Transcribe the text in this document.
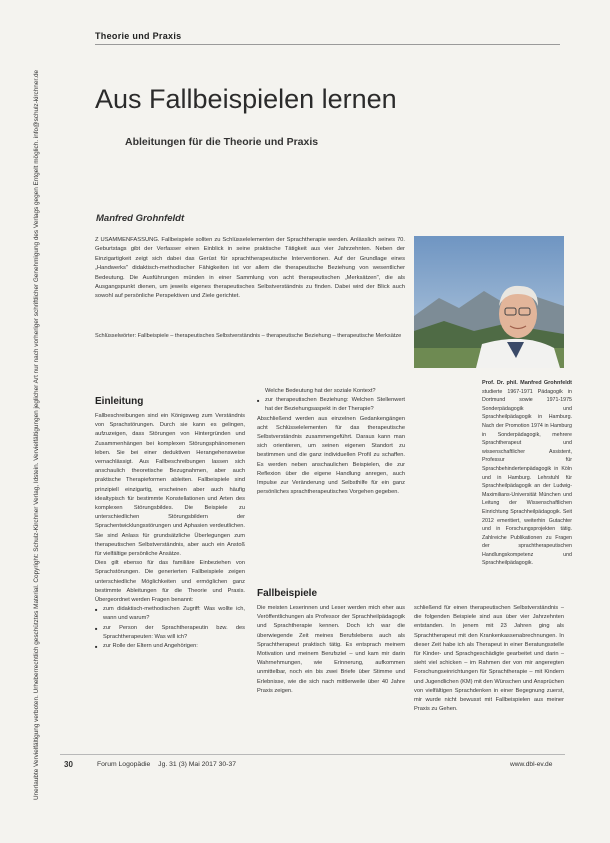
Theorie und Praxis
Unerlaubte Vervielfältigung verboten. Urheberrechtlich geschütztes Material. Copyright: Schulz-Kirchner Verlag, Idstein. Vervielfältigungen jeglicher Art nur nach vorheriger schriftlicher Genehmigung des Verlags gegen Entgelt möglich. info@schulz-kirchner.de Aus Fallbeispielen lernen
Ableitungen für die Theorie und Praxis
Manfred Grohnfeldt
Z USAMMENFASSUNG. Fallbeispiele sollten zu Schlüsselelementen der Sprachtherapie werden. Anlässlich seines 70. Geburtstags gibt der Verfasser einen Einblick in seine praktische Tätigkeit aus vier Jahrzehnten. Neben der Einzigartigkeit zeigt sich dabei das Gerüst für sprachtherapeutische Interventionen. Auf der Grundlage eines „Handwerks" didaktisch-methodischer Fähigkeiten ist vor allem die therapeutische Beziehung von wesentlicher Bedeutung. Die Ausführungen münden in einer Sammlung von acht therapeutischen „Merksätzen", die als Ausgangspunkt dienen, um jeweils eigenes therapeutisches Selbstverständnis zu finden. Dabei wird der Blick auch sowohl auf persönliche Perspektiven und Ziele gerichtet.
Schlüsselwörter: Fallbeispiele – therapeutisches Selbstverständnis – therapeutische Beziehung – therapeutische Merksätze
Prof. Dr. phil. Manfred Grohnfeldt studierte 1967-1971 Pädagogik in Dortmund sowie 1971-1975 Sonderpädagogik und Sprachheilpädagogik in Hamburg. Nach der Promotion 1974 in Hamburg in Sonderpädagogik, mehrere Sprachtherapeut und wissenschaftlicher Assistent, Professur für Sprachbehindertenpädagogik in Köln und in Hamburg. Lehrstuhl für Sprachheilpädagogik an der Ludwig-Maximilians-Universität München und Leitung der Wissenschaftlichen Einrichtung Sprachheilpädagogik. Seit 2012 emeritiert, weiterhin Gutachter und in Forschungsprojekten tätig. Zahlreiche Publikationen zu Fragen der sprachtherapeutischen Handlungskompetenz und Sprachheilpädagogik.
Einleitung

Fallbeschreibungen sind ein Königsweg zum Verständnis von Sprachstörungen. Durch sie kann es gelingen, aufzuzeigen, dass Störungen von Hintergründen und Zusammenhängen bei komplexen Störungsphänomenen leben. Sie bei einer deduktiven Herangehensweise vernachlässigt. Aus Fallbeschreibungen lassen sich anschaulich theoretische Bezugnahmen, aber auch praktische Therapieformen ableiten. Fallbeispiele sind prinzipiell einzigartig, erscheinen aber auch häufig idealtypisch für bestimmte Konstellationen und Arten des komplexen Störungsbildes. Die Beispiele zu unterschiedlichen Störungsbildern der Sprachentwicklungsstörungen und Aphasien verdeutlichen. Sie sind Anlass für grundsätzliche Überlegungen zum therapeutischen Selbstverständnis, aber auch ein Anstoß für vielfältige persönliche Ansätze.

Dies gilt ebenso für das familiäre Einbeziehen von Sprachstörungen. Die generierten Fallbeispiele zeigen unterschiedliche Möglichkeiten und ermöglichen ganz bestimmte Ableitungen für die Theorie und Praxis. Übergeordnet werden Fragen benannt:

■ zum didaktisch-methodischen Zugriff: Was wollte ich, wann und warum?
■ zur Person der Sprachtherapeutin bzw. des Sprachtherapeuten: Was will ich?
■ zur Rolle der Eltern und Angehörigen:

Welche Bedeutung hat der soziale Kontext?

■ zur therapeutischen Beziehung: Welchen Stellenwert hat der Beziehungsaspekt in der Therapie?

Abschließend werden aus einzelnen Gedankengängen acht Schlüsselelementen für das therapeutische Selbstverständnis zusammengeführt. Daraus kann man sich orientieren, um seinen eigenen Standort zu bestimmen und die ganz individuellen Profil zu schaffen. Es werden neben anschaulichen Beispielen, die zur Reflexion über die eigene Handlung anregen, auch Impulse zur Veränderung und Selbsthilfe für ein ganz persönliches sprachtherapeutisches Vorgehen gegeben.

Fallbeispiele

Die meisten Leserinnen und Leser werden mich eher aus Veröffentlichungen als Professor der Sprachheilpädagogik und Sprachtherapie kennen. Doch ich war die überwiegende Zeit meines Berufslebens auch als Sprachtherapeut praktisch tätig. Es entsprach meinem Motivation und meinem Berufsziel – und kam mir darin Wahrnehmungen, wie Erinnerung, aufkommen unmittelbar, noch ein bis zwei Briefe über Stimme und Erlebnisse, wie die sich nach mittlerweile über 40 Jahre Praxis zeigen.

schließend für einen therapeutischen Selbstverständnis – die folgenden Beispiele sind aus über vier Jahrzehnten entstanden. In jenem mit 23 Jahren ging als Sprachtherapeut mit den Krankenkassenabrechnungen. In dieser Zeit habe ich als Therapeut in einer Beratungsstelle für Kinder- und Sprachgeschädigte gearbeitet und darin – sieht viel schicken – im Rahmen der von mir angeregten Forschungseinrichtungen für Sprachtherapie – mit Kindern und Jugendlichen (KM) mit den Wünschen und Ansprüchen von vielfältigen Sprachdenken in einer Begegnung zuerst, mir wurde nicht bewusst mit Fallbeispielen aus meiner Praxis zu Gehen.

30	Forum Logopädie Jg. 31 (3) Mai 2017 30-37	www.dbl-ev.de
